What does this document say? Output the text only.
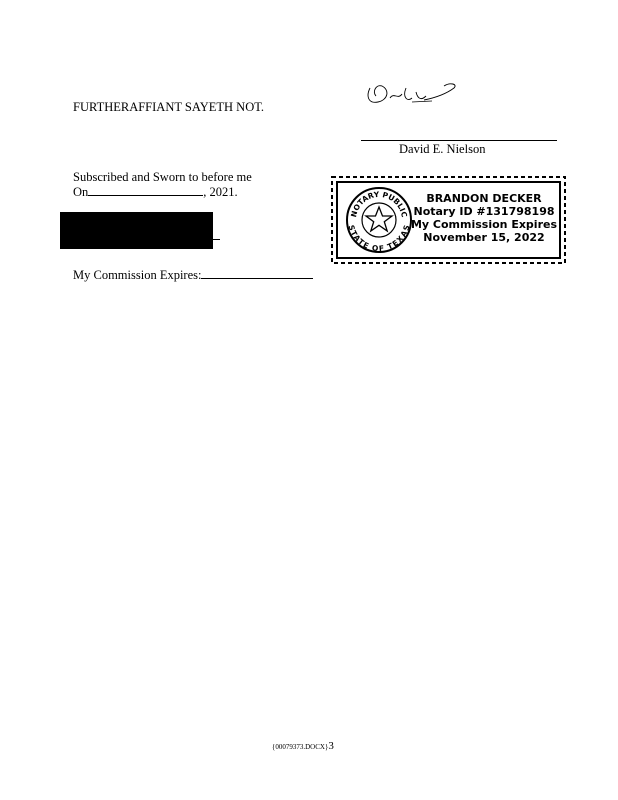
FURTHERAFFIANT SAYETH NOT.
David E. Nielson
Subscribed and Sworn to before me
On	, 2021.
My Commission Expires:
NOTARY PUBLIC
STATE OF TEXAS
BRANDON DECKER
Notary ID #131798198
My Commission Expires
November 15, 2022
{00079373.DOCX}3
